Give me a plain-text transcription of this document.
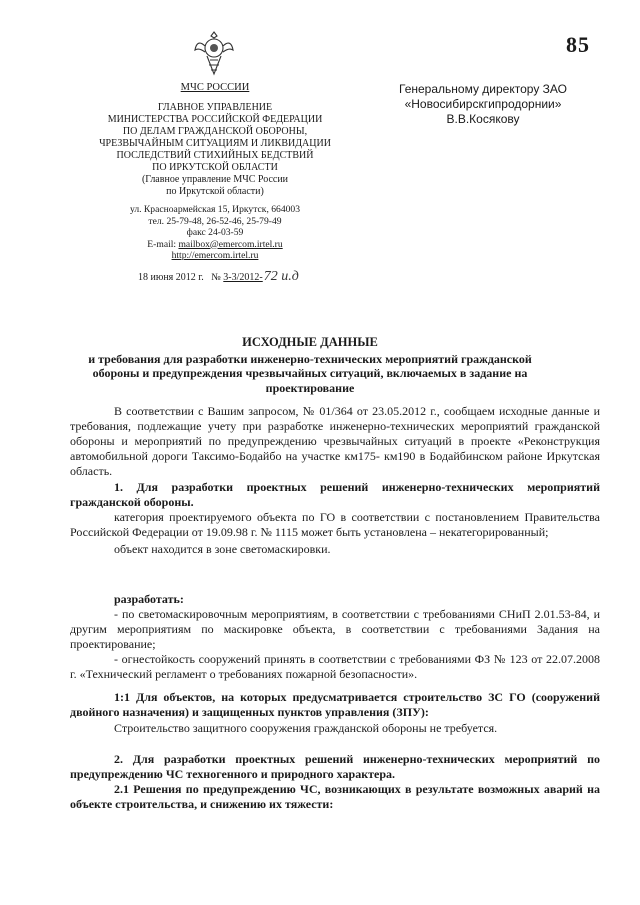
85
МЧС РОССИИ
ГЛАВНОЕ УПРАВЛЕНИЕ
МИНИСТЕРСТВА РОССИЙСКОЙ ФЕДЕРАЦИИ
ПО ДЕЛАМ ГРАЖДАНСКОЙ ОБОРОНЫ,
ЧРЕЗВЫЧАЙНЫМ СИТУАЦИЯМ И ЛИКВИДАЦИИ
ПОСЛЕДСТВИЙ СТИХИЙНЫХ БЕДСТВИЙ
ПО ИРКУТСКОЙ ОБЛАСТИ
(Главное управление МЧС России
по Иркутской области)
ул. Красноармейская 15, Иркутск, 664003
тел. 25-79-48, 26-52-46, 25-79-49
факс 24-03-59
E-mail: mailbox@emercom.irtel.ru
http://emercom.irtel.ru
18 июня 2012 г. № 3-3/2012-72 и.д
Генеральному директору ЗАО
«Новосибирскгипродорнии»
В.В.Косякову
ИСХОДНЫЕ ДАННЫЕ
и требования для разработки инженерно-технических мероприятий гражданской обороны и предупреждения чрезвычайных ситуаций, включаемых в задание на проектирование

В соответствии с Вашим запросом, № 01/364 от 23.05.2012 г., сообщаем исходные данные и требования, подлежащие учету при разработке инженерно-технических мероприятий гражданской обороны и мероприятий по предупреждению чрезвычайных ситуаций в проекте «Реконструкция автомобильной дороги Таксимо-Бодайбо на участке км175- км190 в Бодайбинском районе Иркутская область.

1. Для разработки проектных решений инженерно-технических мероприятий гражданской обороны.

категория проектируемого объекта по ГО в соответствии с постановлением Правительства Российской Федерации от 19.09.98 г. № 1115 может быть установлена – некатегорированный;

объект находится в зоне светомаскировки.

разработать:

- по светомаскировочным мероприятиям, в соответствии с требованиями СНиП 2.01.53-84, и другим мероприятиям по маскировке объекта, в соответствии с требованиями Задания на проектирование;

- огнестойкость сооружений принять в соответствии с требованиями ФЗ № 123 от 22.07.2008 г. «Технический регламент о требованиях пожарной безопасности».

1:1 Для объектов, на которых предусматривается строительство ЗС ГО (сооружений двойного назначения) и защищенных пунктов управления (ЗПУ):

Строительство защитного сооружения гражданской обороны не требуется.

2. Для разработки проектных решений инженерно-технических мероприятий по предупреждению ЧС техногенного и природного характера.

2.1 Решения по предупреждению ЧС, возникающих в результате возможных аварий на объекте строительства, и снижению их тяжести:
